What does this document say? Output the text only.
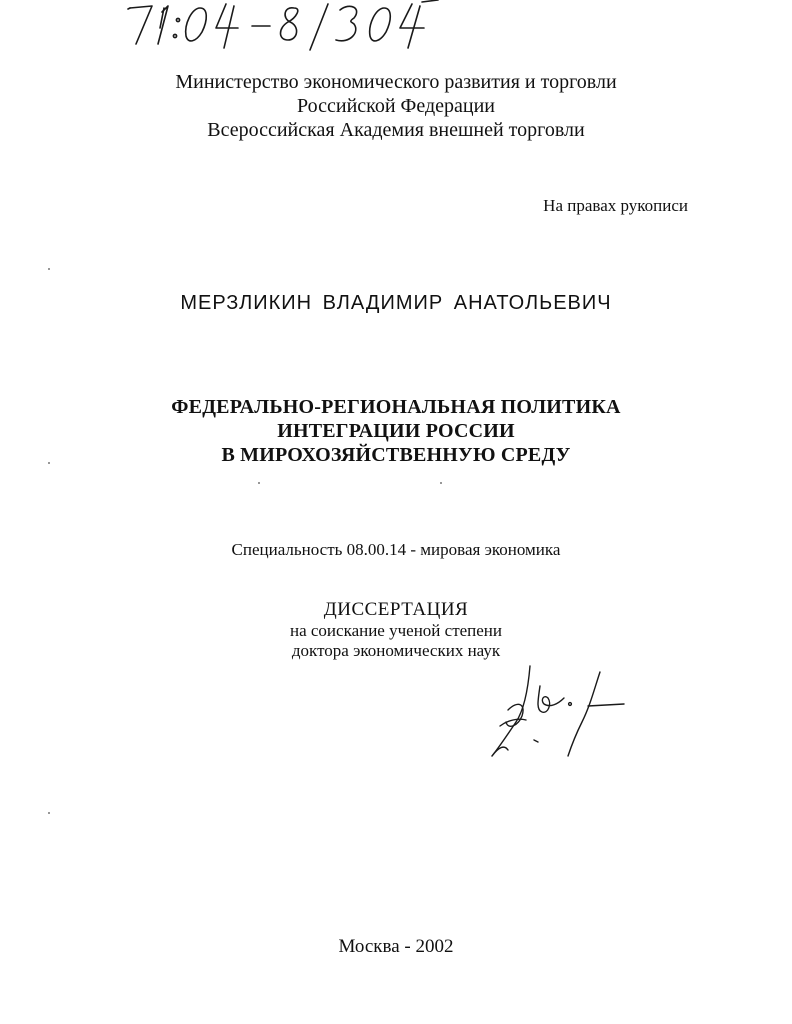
Министерство экономического развития и торговли
Российской Федерации
Всероссийская Академия внешней торговли
На правах рукописи
МЕРЗЛИКИН ВЛАДИМИР АНАТОЛЬЕВИЧ
ФЕДЕРАЛЬНО-РЕГИОНАЛЬНАЯ ПОЛИТИКА
ИНТЕГРАЦИИ РОССИИ
В МИРОХОЗЯЙСТВЕННУЮ СРЕДУ
Специальность 08.00.14 - мировая экономика
ДИССЕРТАЦИЯ
на соискание ученой степени
доктора экономических наук
Москва - 2002
